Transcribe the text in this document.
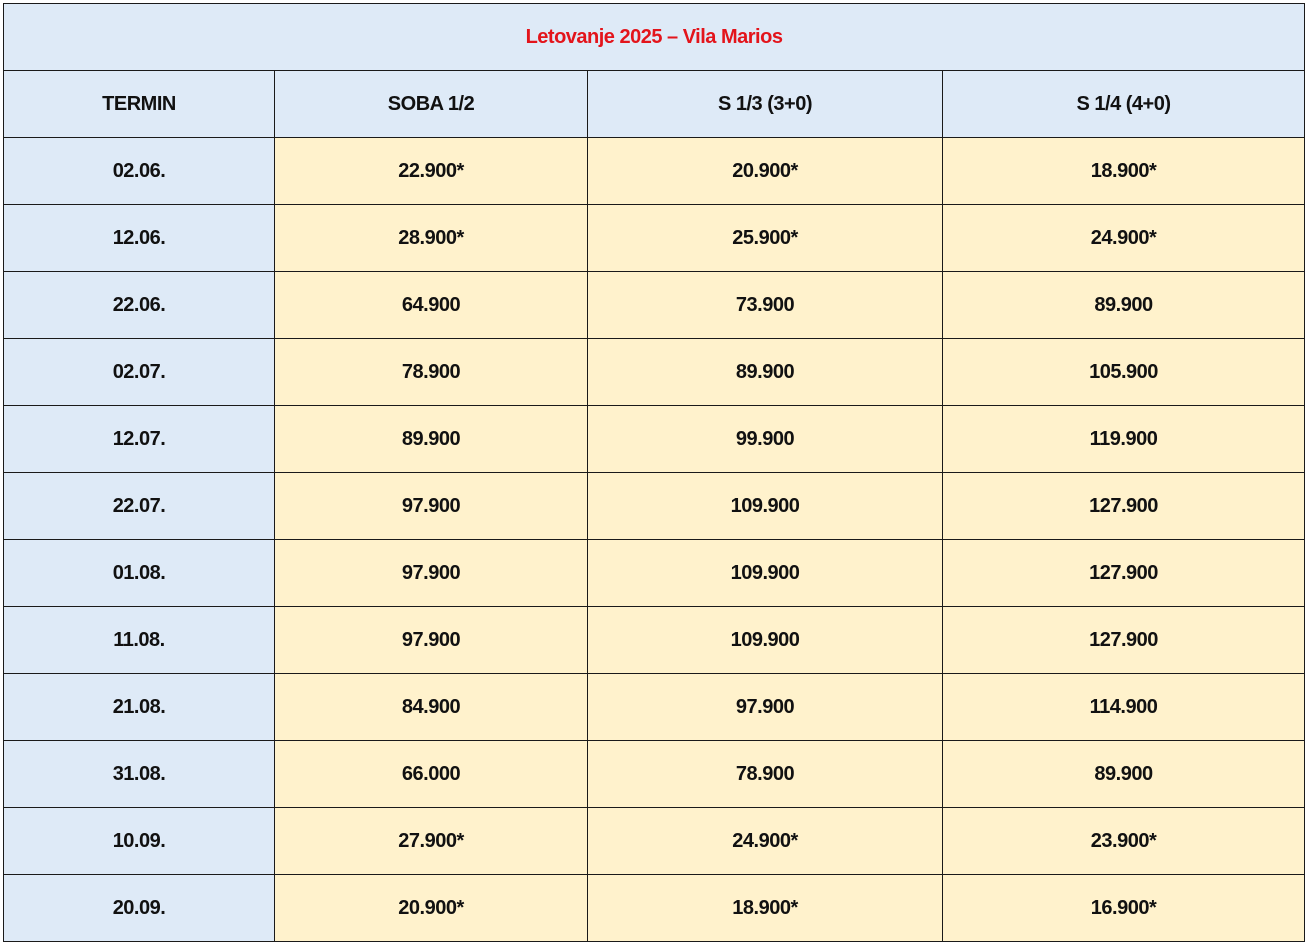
Letovanje 2025 – Vila Marios			
TERMIN	SOBA 1/2	S 1/3 (3+0)	S 1/4 (4+0)
02.06.	22.900*	20.900*	18.900*
12.06.	28.900*	25.900*	24.900*
22.06.	64.900	73.900	89.900
02.07.	78.900	89.900	105.900
12.07.	89.900	99.900	119.900
22.07.	97.900	109.900	127.900
01.08.	97.900	109.900	127.900
11.08.	97.900	109.900	127.900
21.08.	84.900	97.900	114.900
31.08.	66.000	78.900	89.900
10.09.	27.900*	24.900*	23.900*
20.09.	20.900*	18.900*	16.900*
